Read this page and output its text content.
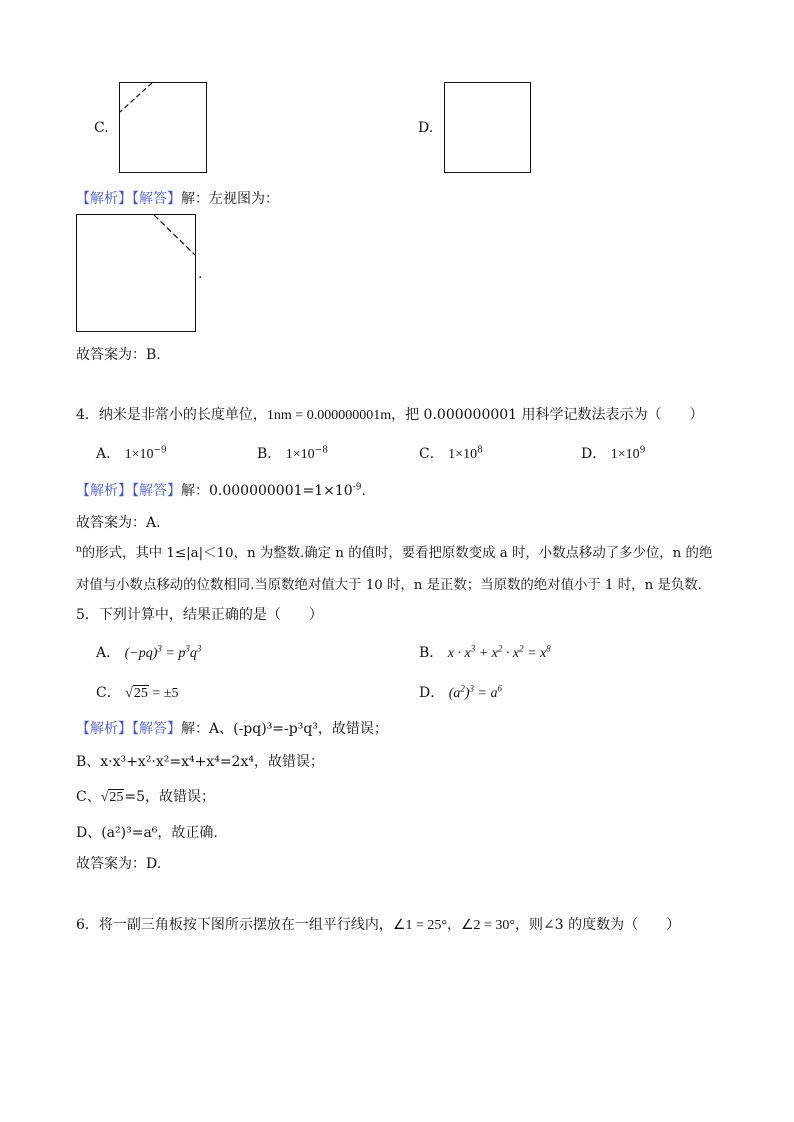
C.	D.
【解析】【解答】解：左视图为：
.
故答案为：B.
4．纳米是非常小的长度单位，1nm = 0.000000001m，把 0.000000001 用科学记数法表示为（　　）
A． $1\times 10^{-9}$	B． $1\times 10^{-8}$	C． $1\times 10^8$	D． $1\times 10^9$
【解析】【解答】解：$0.000000001=1\times 10^{-9}$.
故答案为：A.
$^n$的形式，其中 1≤|a|＜10，n 为整数.确定 n 的值时，要看把原数变成 a 时，小数点移动了多少位，n 的绝
对值与小数点移动的位数相同.当原数绝对值大于 10 时，n 是正数；当原数的绝对值小于 1 时，n 是负数.
5．下列计算中，结果正确的是（　　）
A． $(-pq)^3 = p^3q^3$	B． $x \cdot x^3 + x^2 \cdot x^2 = x^8$
C． √25 = ±5	D． $(a^2)^3 = a^6$
【解析】【解答】解：A、(-pq)³=-p³q³，故错误；
B、x·x³+x²·x²=x⁴+x⁴=2x⁴，故错误；
C、√25=5，故错误；
D、(a²)³=a⁶，故正确.
故答案为：D.
6．将一副三角板按下图所示摆放在一组平行线内，∠1 = 25°，∠2 = 30°，则∠3 的度数为（　　）
